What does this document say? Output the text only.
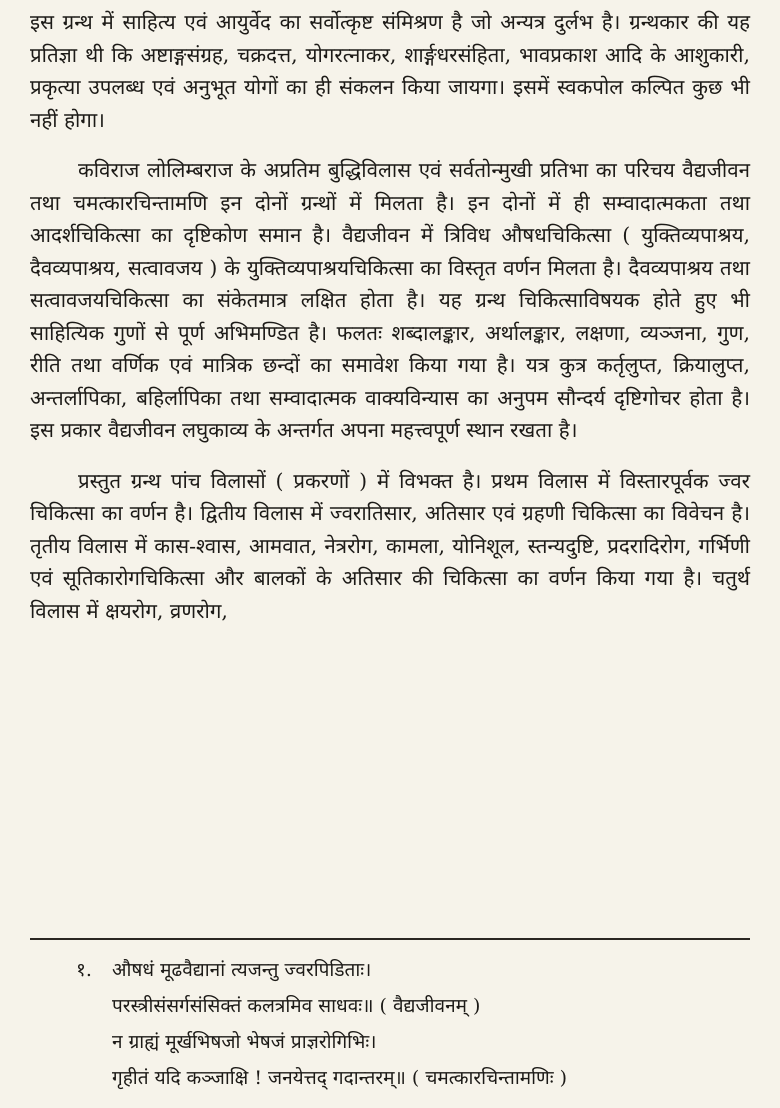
इस ग्रन्थ में साहित्य एवं आयुर्वेद का सर्वोत्कृष्ट संमिश्रण है जो अन्यत्र दुर्लभ है। ग्रन्थकार की यह प्रतिज्ञा थी कि अष्टाङ्गसंग्रह, चक्रदत्त, योगरत्नाकर, शार्ङ्गधरसंहिता, भावप्रकाश आदि के आशुकारी, प्रकृत्या उपलब्ध एवं अनुभूत योगों का ही संकलन किया जायगा। इसमें स्वकपोल कल्पित कुछ भी नहीं होगा।

कविराज लोलिम्बराज के अप्रतिम बुद्धिविलास एवं सर्वतोन्मुखी प्रतिभा का परिचय वैद्यजीवन तथा चमत्कारचिन्तामणि इन दोनों ग्रन्थों में मिलता है। इन दोनों में ही सम्वादात्मकता तथा आदर्शचिकित्सा का दृष्टिकोण समान है। वैद्यजीवन में त्रिविध औषधचिकित्सा ( युक्तिव्यपाश्रय, दैवव्यपाश्रय, सत्वावजय ) के युक्तिव्यपाश्रयचिकित्सा का विस्तृत वर्णन मिलता है। दैवव्यपाश्रय तथा सत्वावजयचिकित्सा का संकेतमात्र लक्षित होता है। यह ग्रन्थ चिकित्साविषयक होते हुए भी साहित्यिक गुणों से पूर्ण अभिमण्डित है। फलतः शब्दालङ्कार, अर्थालङ्कार, लक्षणा, व्यञ्जना, गुण, रीति तथा वर्णिक एवं मात्रिक छन्दों का समावेश किया गया है। यत्र कुत्र कर्तृलुप्त, क्रियालुप्त, अन्तर्लापिका, बहिर्लापिका तथा सम्वादात्मक वाक्यविन्यास का अनुपम सौन्दर्य दृष्टिगोचर होता है। इस प्रकार वैद्यजीवन लघुकाव्य के अन्तर्गत अपना महत्त्वपूर्ण स्थान रखता है।

प्रस्तुत ग्रन्थ पांच विलासों ( प्रकरणों ) में विभक्त है। प्रथम विलास में विस्तारपूर्वक ज्वर चिकित्सा का वर्णन है। द्वितीय विलास में ज्वरातिसार, अतिसार एवं ग्रहणी चिकित्सा का विवेचन है। तृतीय विलास में कास-श्वास, आमवात, नेत्ररोग, कामला, योनिशूल, स्तन्यदुष्टि, प्रदरादिरोग, गर्भिणी एवं सूतिकारोगचिकित्सा और बालकों के अतिसार की चिकित्सा का वर्णन किया गया है। चतुर्थ विलास में क्षयरोग, व्रणरोग,

१. औषधं मूढवैद्यानां त्यजन्तु ज्वरपिडिताः।
परस्त्रीसंसर्गसंसिक्तं कलत्रमिव साधवः॥ ( वैद्यजीवनम् )
न ग्राह्यं मूर्खभिषजो भेषजं प्राज्ञरोगिभिः।
गृहीतं यदि कञ्जाक्षि ! जनयेत्तद् गदान्तरम्॥ ( चमत्कारचिन्तामणिः )
